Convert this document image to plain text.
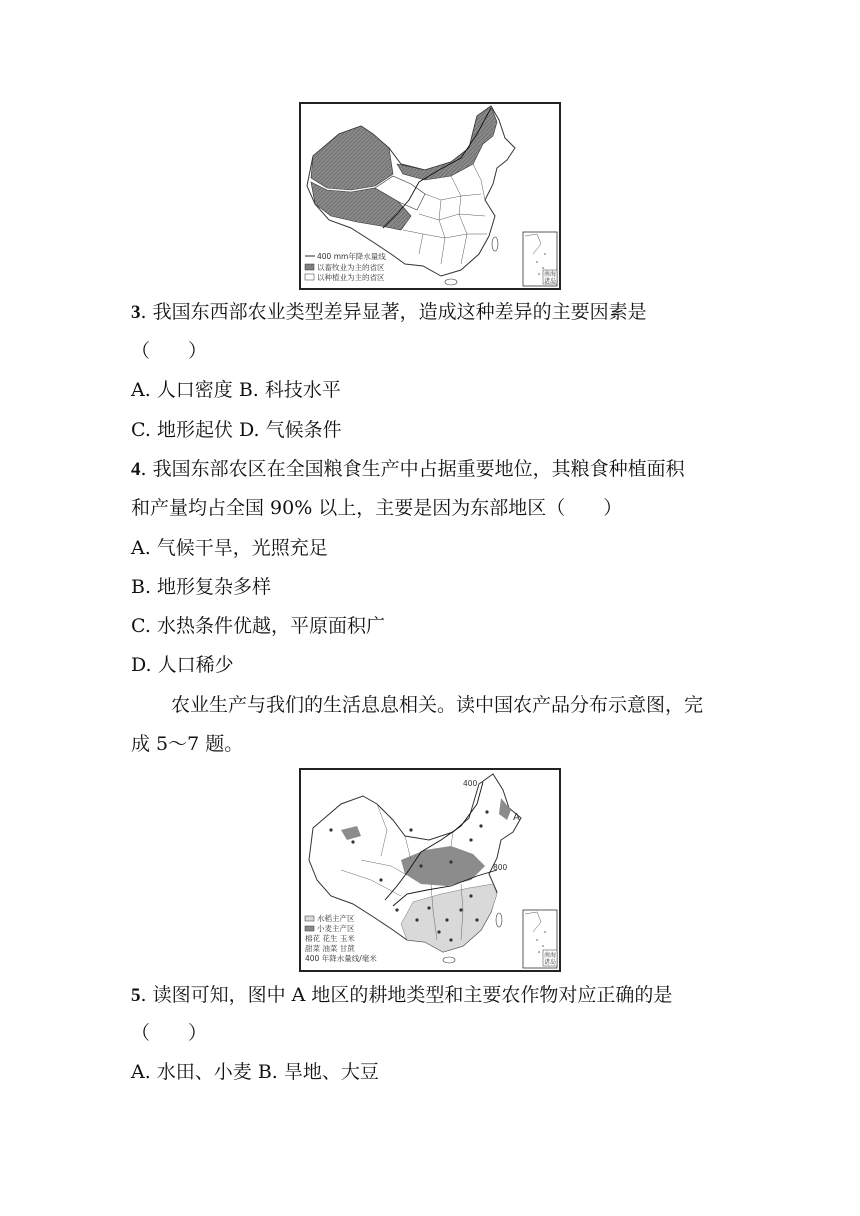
400 mm年降水量线
以畜牧业为主的省区
以种植业为主的省区	南海
诸岛
3. 我国东西部农业类型差异显著，造成这种差异的主要因素是
（　　）
A. 人口密度 B. 科技水平
C. 地形起伏 D. 气候条件
4. 我国东部农区在全国粮食生产中占据重要地位，其粮食种植面积
和产量均占全国 90% 以上，主要是因为东部地区（　　）
A. 气候干旱，光照充足
B. 地形复杂多样
C. 水热条件优越，平原面积广
D. 人口稀少
农业生产与我们的生活息息相关。读中国农产品分布示意图，完
成 5～7 题。
400
800
A
水稻主产区
小麦主产区
棉花 花生 玉米
甜菜 油菜 甘蔗
400 年降水量线/毫米	南海
诸岛
5. 读图可知，图中 A 地区的耕地类型和主要农作物对应正确的是
（　　）
A. 水田、小麦 B. 旱地、大豆
